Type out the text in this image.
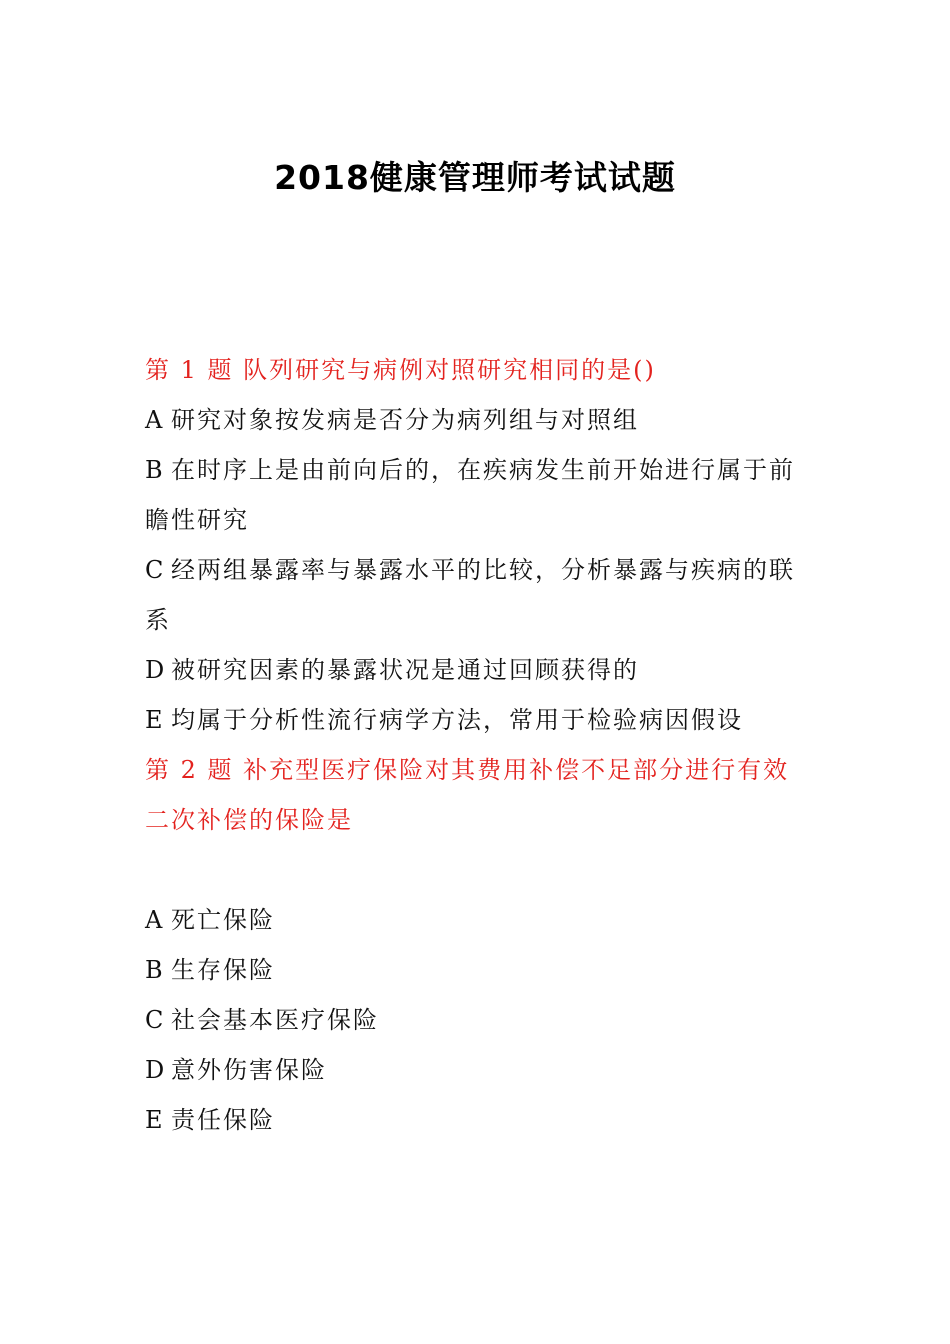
2018健康管理师考试试题

第 1 题 队列研究与病例对照研究相同的是()

A 研究对象按发病是否分为病列组与对照组

B 在时序上是由前向后的，在疾病发生前开始进行属于前瞻性研究

C 经两组暴露率与暴露水平的比较，分析暴露与疾病的联系

D 被研究因素的暴露状况是通过回顾获得的

E 均属于分析性流行病学方法，常用于检验病因假设

第 2 题 补充型医疗保险对其费用补偿不足部分进行有效二次补偿的保险是

A 死亡保险

B 生存保险

C 社会基本医疗保险

D 意外伤害保险

E 责任保险
